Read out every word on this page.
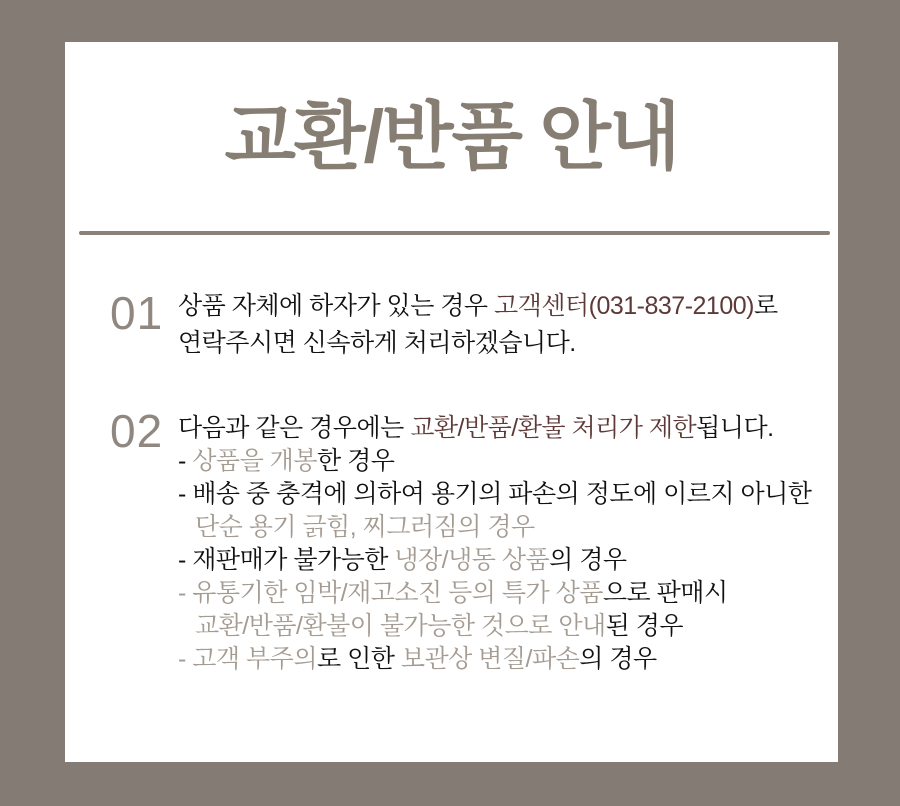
교환/반품 안내
01 상품 자체에 하자가 있는 경우 고객센터(031-837-2100)로
연락주시면 신속하게 처리하겠습니다.
02 다음과 같은 경우에는 교환/반품/환불 처리가 제한됩니다.
- 상품을 개봉한 경우
- 배송 중 충격에 의하여 용기의 파손의 정도에 이르지 아니한
단순 용기 긁힘, 찌그러짐의 경우
- 재판매가 불가능한 냉장/냉동 상품의 경우
- 유통기한 임박/재고소진 등의 특가 상품으로 판매시
교환/반품/환불이 불가능한 것으로 안내된 경우
- 고객 부주의로 인한 보관상 변질/파손의 경우
